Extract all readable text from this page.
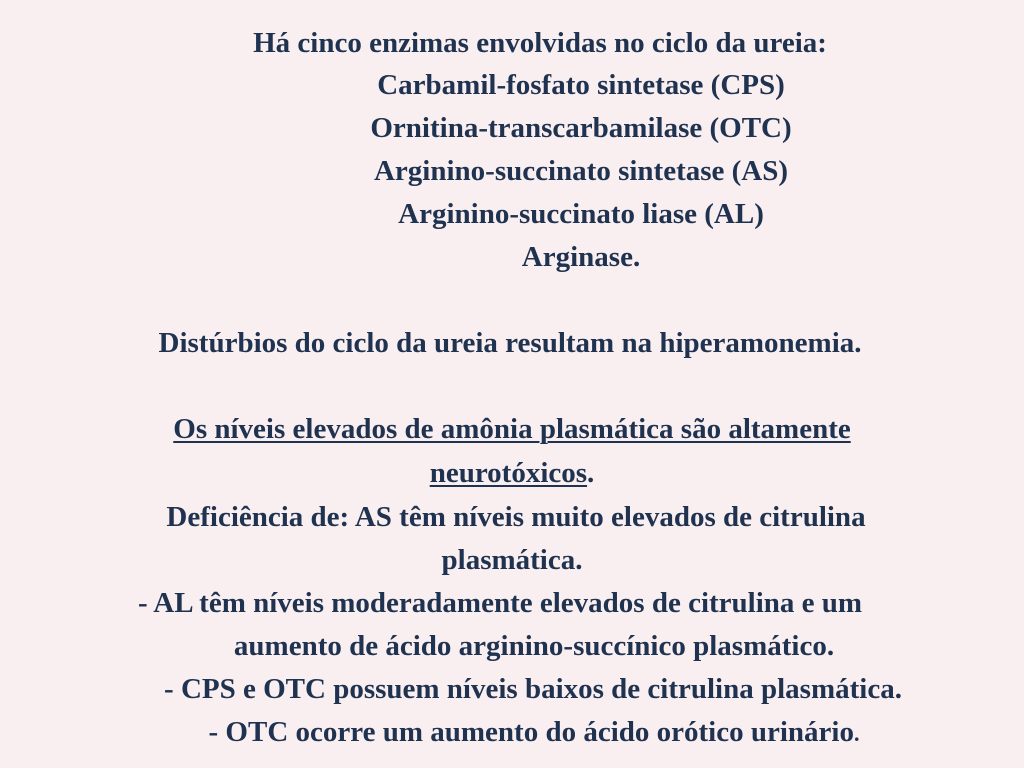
Há cinco enzimas envolvidas no ciclo da ureia:
Carbamil-fosfato sintetase (CPS)
Ornitina-transcarbamilase (OTC)
Arginino-succinato sintetase (AS)
Arginino-succinato liase (AL)
Arginase.
Distúrbios do ciclo da ureia resultam na hiperamonemia.
Os níveis elevados de amônia plasmática são altamente
neurotóxicos.
Deficiência de: AS têm níveis muito elevados de citrulina
plasmática.
- AL têm níveis moderadamente elevados de citrulina e um
aumento de ácido arginino-succínico plasmático.
- CPS e OTC possuem níveis baixos de citrulina plasmática.
- OTC ocorre um aumento do ácido orótico urinário.
